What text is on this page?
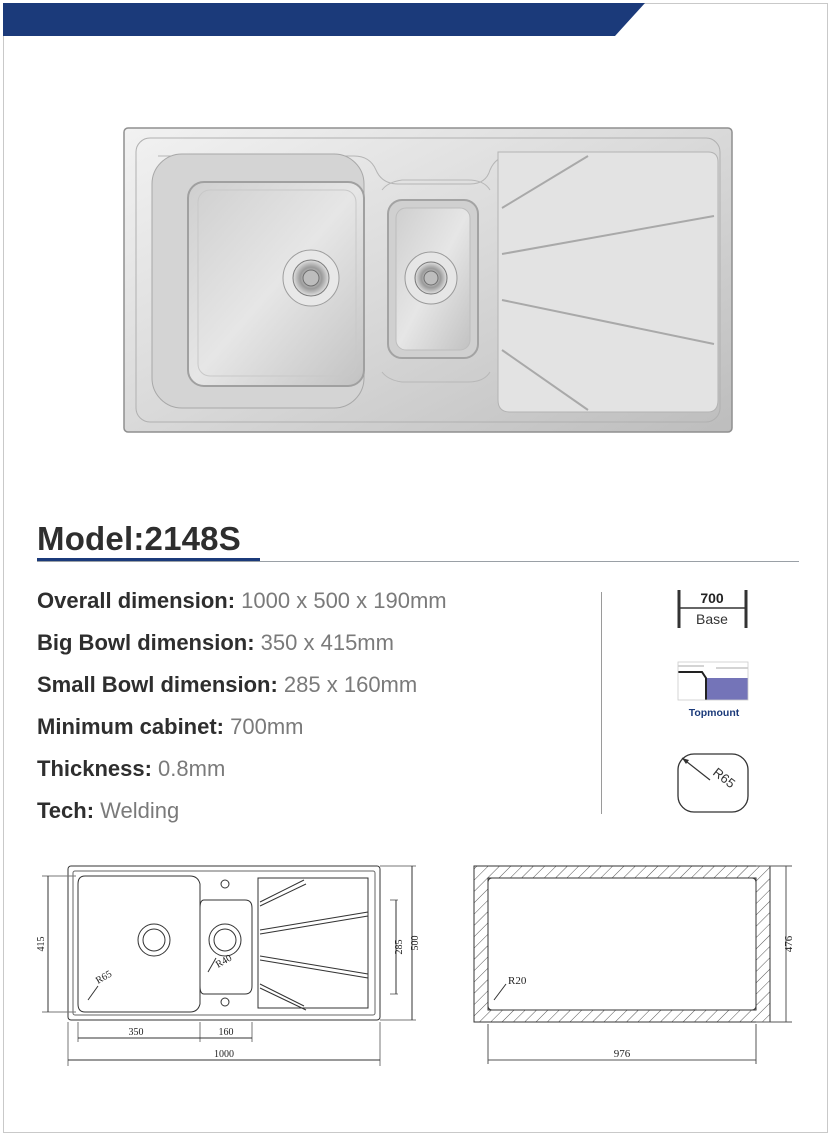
Model:2148S
Overall dimension: 1000 x 500 x 190mm
Big Bowl dimension: 350 x 415mm
Small Bowl dimension: 285 x 160mm
Minimum cabinet: 700mm
Thickness: 0.8mm
Tech: Welding
700
Base
Topmount
R65
415	285 500
R65
R40
350	160
1000
R20
476
976
